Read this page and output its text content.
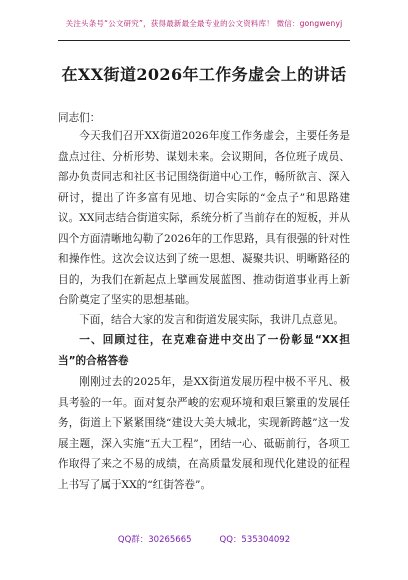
关注头条号“公文研究”，获得最新最全最专业的公文资料库！ 微信：gongwenyj
在XX街道2026年工作务虚会上的讲话
同志们：
今天我们召开XX街道2026年度工作务虚会，主要任务是盘点过往、分析形势、谋划未来。会议期间，各位班子成员、部办负责同志和社区书记围绕街道中心工作，畅所欲言、深入研讨，提出了许多富有见地、切合实际的“金点子”和思路建议。XX同志结合街道实际，系统分析了当前存在的短板，并从四个方面清晰地勾勒了2026年的工作思路，具有很强的针对性和操作性。这次会议达到了统一思想、凝聚共识、明晰路径的目的，为我们在新起点上擘画发展蓝图、推动街道事业再上新台阶奠定了坚实的思想基础。
下面，结合大家的发言和街道发展实际，我讲几点意见。
一、回顾过往，在克难奋进中交出了一份彰显“XX担当”的合格答卷
刚刚过去的2025年，是XX街道发展历程中极不平凡、极具考验的一年。面对复杂严峻的宏观环境和艰巨繁重的发展任务，街道上下紧紧围绕“建设大美大城北，实现新跨越”这一发展主题，深入实施“五大工程”，团结一心、砥砺前行，各项工作取得了来之不易的成绩，在高质量发展和现代化建设的征程上书写了属于XX的“红街答卷”。
QQ群：30265665	QQ：535304092
